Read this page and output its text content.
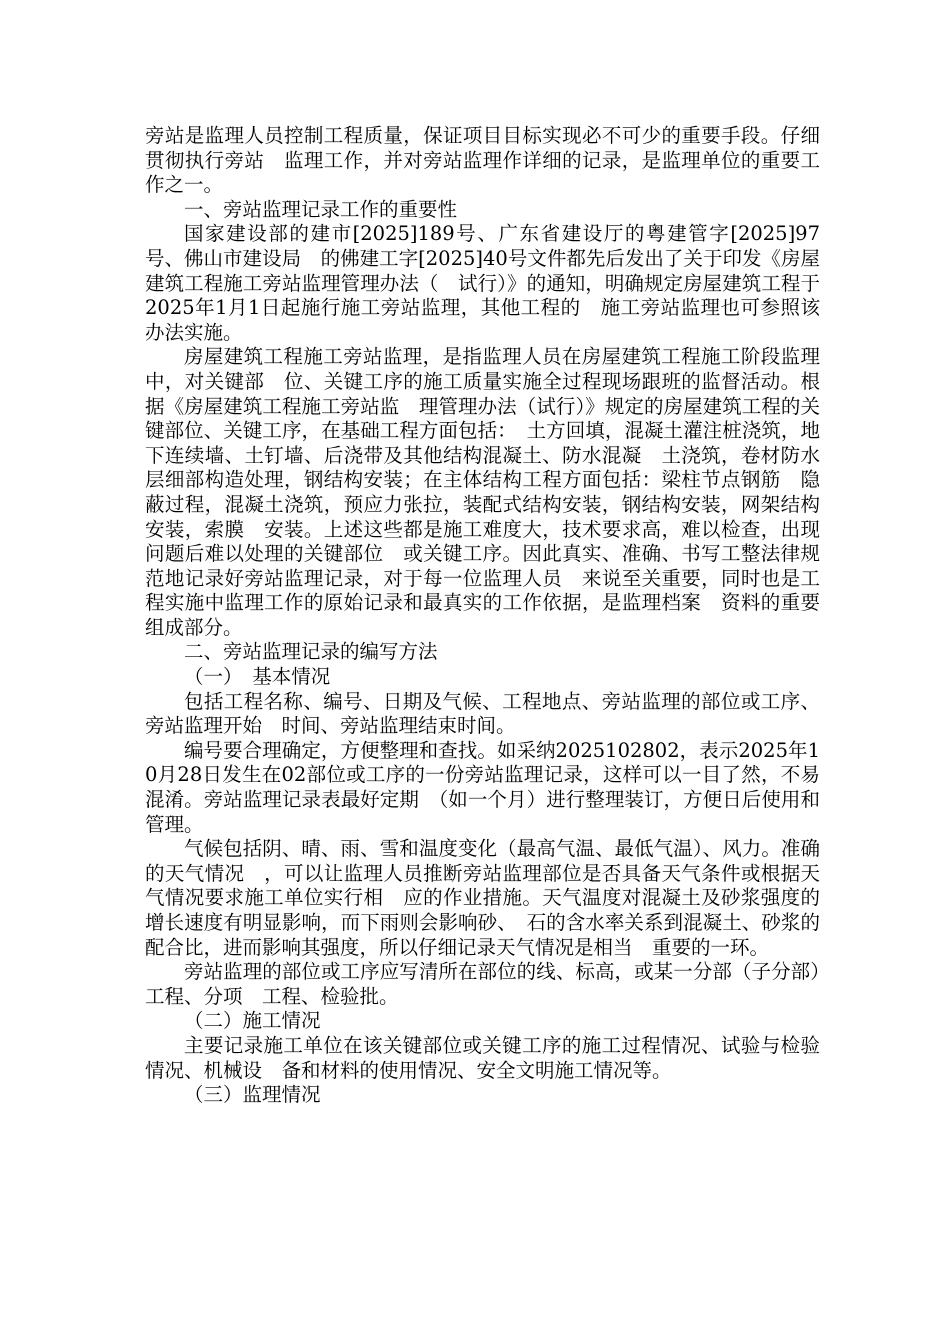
旁站是监理人员控制工程质量，保证项目目标实现必不可少的重要手段。仔细贯彻执行旁站　监理工作，并对旁站监理作详细的记录，是监理单位的重要工作之一。

一、旁站监理记录工作的重要性

国家建设部的建市[2025]189号、广东省建设厅的粤建管字[2025]97号、佛山市建设局　的佛建工字[2025]40号文件都先后发出了关于印发《房屋建筑工程施工旁站监理管理办法（　试行）》的通知，明确规定房屋建筑工程于2025年1月1日起施行施工旁站监理，其他工程的　施工旁站监理也可参照该办法实施。

房屋建筑工程施工旁站监理，是指监理人员在房屋建筑工程施工阶段监理中，对关键部　位、关键工序的施工质量实施全过程现场跟班的监督活动。根据《房屋建筑工程施工旁站监　理管理办法（试行）》规定的房屋建筑工程的关键部位、关键工序，在基础工程方面包括：　土方回填，混凝土灌注桩浇筑，地下连续墙、土钉墙、后浇带及其他结构混凝土、防水混凝　土浇筑，卷材防水层细部构造处理，钢结构安装；在主体结构工程方面包括：梁柱节点钢筋　隐蔽过程，混凝土浇筑，预应力张拉，装配式结构安装，钢结构安装，网架结构安装，索膜　安装。上述这些都是施工难度大，技术要求高，难以检查，出现问题后难以处理的关键部位　或关键工序。因此真实、准确、书写工整法律规范地记录好旁站监理记录，对于每一位监理人员　来说至关重要，同时也是工程实施中监理工作的原始记录和最真实的工作依据，是监理档案　资料的重要组成部分。

二、旁站监理记录的编写方法

（一）　基本情况

包括工程名称、编号、日期及气候、工程地点、旁站监理的部位或工序、旁站监理开始　时间、旁站监理结束时间。

编号要合理确定，方便整理和查找。如采纳2025102802，表示2025年10月28日发生在02部位或工序的一份旁站监理记录，这样可以一目了然，不易混淆。旁站监理记录表最好定期　（如一个月）进行整理装订，方便日后使用和管理。

气候包括阴、晴、雨、雪和温度变化（最高气温、最低气温）、风力。准确的天气情况　，可以让监理人员推断旁站监理部位是否具备天气条件或根据天气情况要求施工单位实行相　应的作业措施。天气温度对混凝土及砂浆强度的增长速度有明显影响，而下雨则会影响砂、　石的含水率关系到混凝土、砂浆的配合比，进而影响其强度，所以仔细记录天气情况是相当　重要的一环。

旁站监理的部位或工序应写清所在部位的线、标高，或某一分部（子分部）工程、分项　工程、检验批。

（二）施工情况

主要记录施工单位在该关键部位或关键工序的施工过程情况、试验与检验情况、机械设　备和材料的使用情况、安全文明施工情况等。

（三）监理情况
